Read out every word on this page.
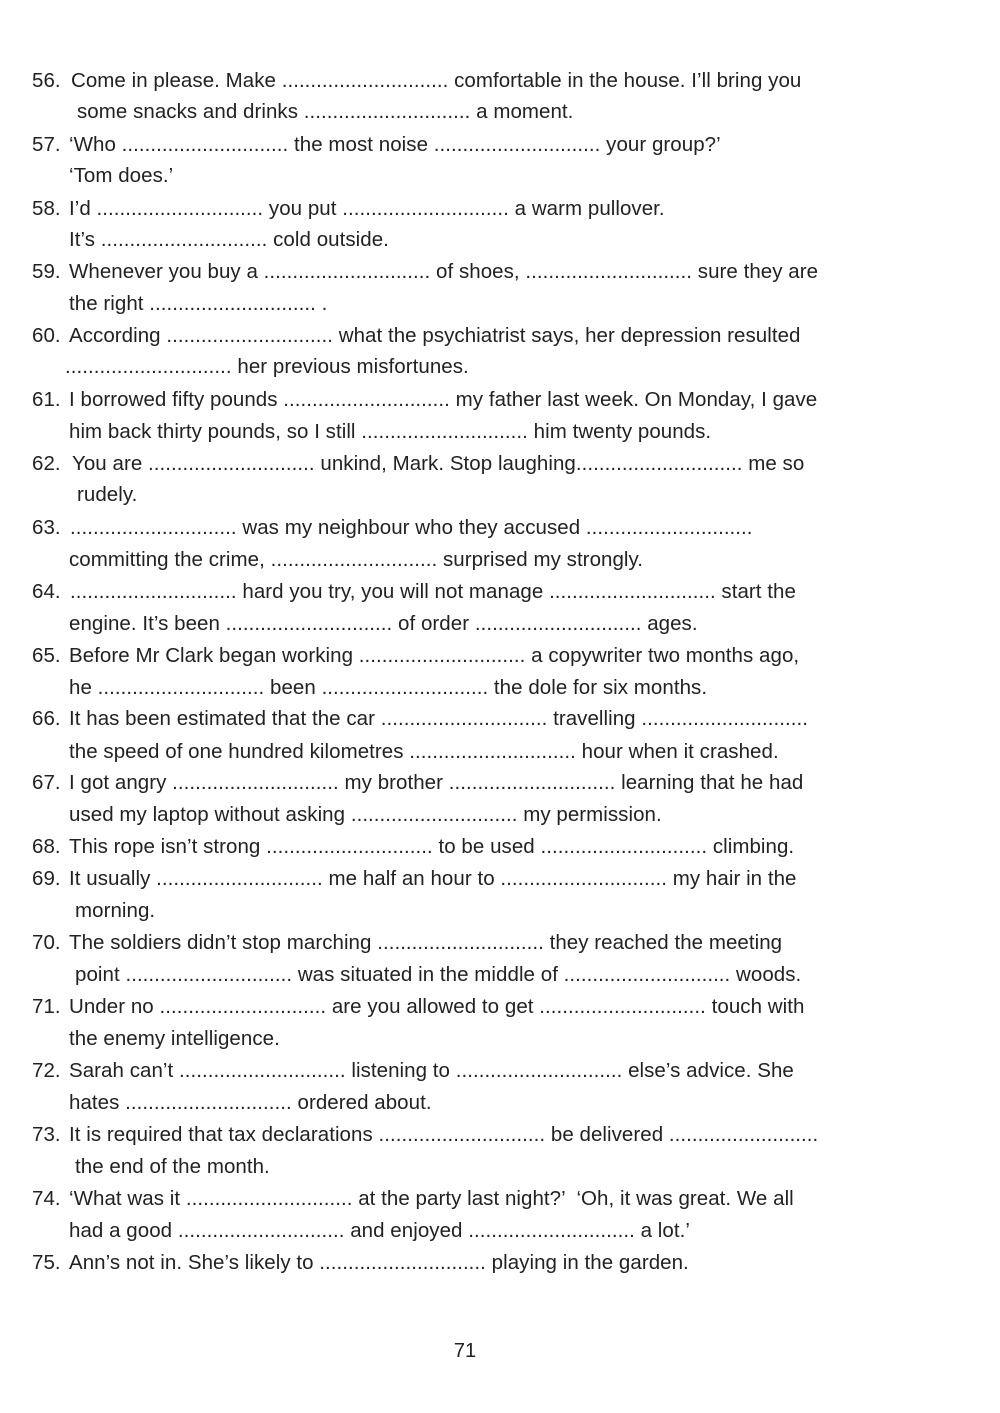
56. Come in please. Make ............................. comfortable in the house. I’ll bring you
some snacks and drinks ............................. a moment.
57. ‘Who ............................. the most noise ............................. your group?’
‘Tom does.’
58. I’d ............................. you put ............................. a warm pullover.
It’s ............................. cold outside.
59. Whenever you buy a ............................. of shoes, ............................. sure they are
the right ............................. .
60. According ............................. what the psychiatrist says, her depression resulted
............................. her previous misfortunes.
61. I borrowed fifty pounds ............................. my father last week. On Monday, I gave
him back thirty pounds, so I still ............................. him twenty pounds.
62. You are ............................. unkind, Mark. Stop laughing............................. me so
rudely.
63. ............................. was my neighbour who they accused .............................
committing the crime, ............................. surprised my strongly.
64. ............................. hard you try, you will not manage ............................. start the
engine. It’s been ............................. of order ............................. ages.
65. Before Mr Clark began working ............................. a copywriter two months ago,
he ............................. been ............................. the dole for six months.
66. It has been estimated that the car ............................. travelling .............................
the speed of one hundred kilometres ............................. hour when it crashed.
67. I got angry ............................. my brother ............................. learning that he had
used my laptop without asking ............................. my permission.
68. This rope isn’t strong ............................. to be used ............................. climbing.
69. It usually ............................. me half an hour to ............................. my hair in the
morning.
70. The soldiers didn’t stop marching ............................. they reached the meeting
point ............................. was situated in the middle of ............................. woods.
71. Under no ............................. are you allowed to get ............................. touch with
the enemy intelligence.
72. Sarah can’t ............................. listening to ............................. else’s advice. She
hates ............................. ordered about.
73. It is required that tax declarations ............................. be delivered ..........................
the end of the month.
74. ‘What was it ............................. at the party last night?’  ‘Oh, it was great. We all
had a good ............................. and enjoyed ............................. a lot.’
75. Ann’s not in. She’s likely to ............................. playing in the garden.
71
